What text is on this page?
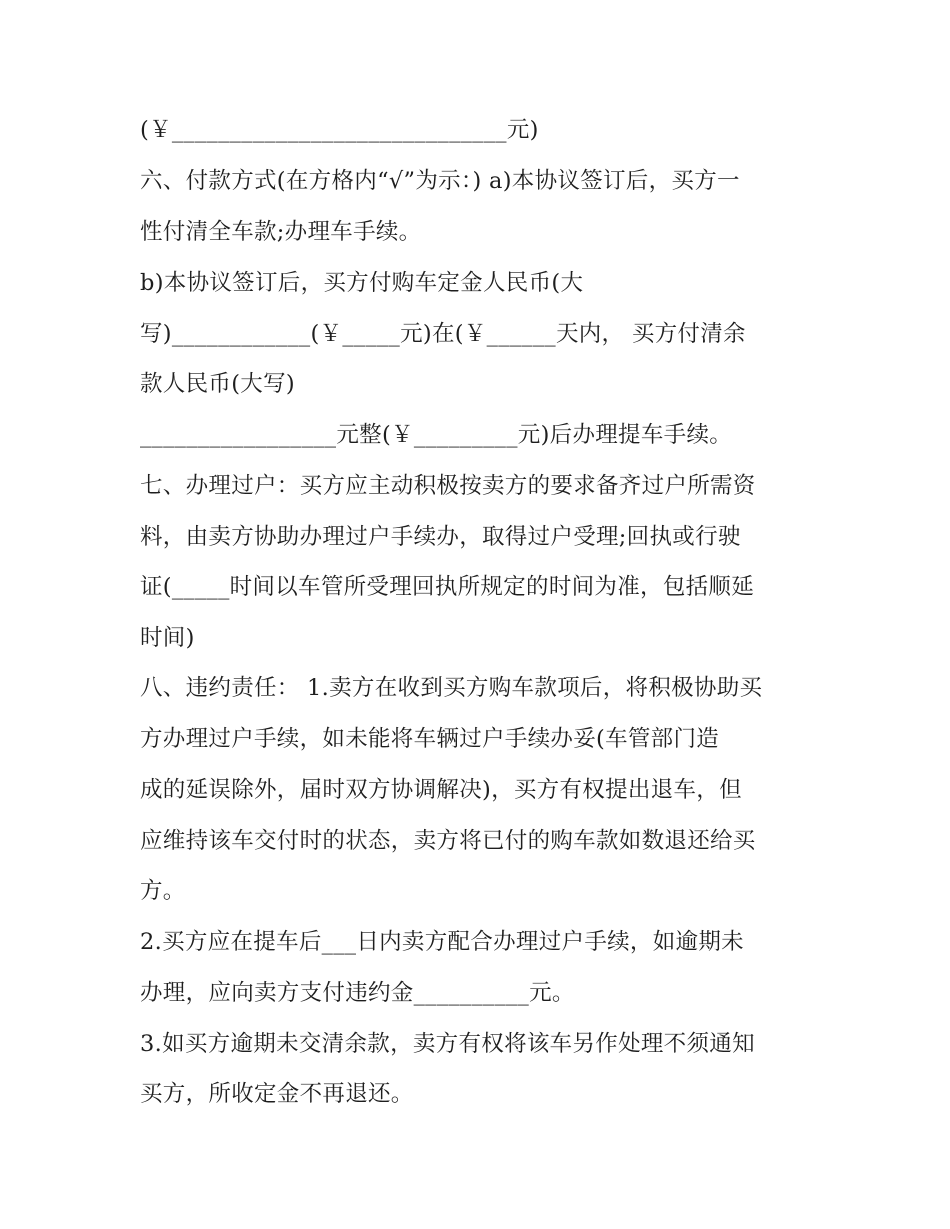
(￥_____________________________元)
六、付款方式(在方格内“√”为示：) a)本协议签订后，买方一
性付清全车款;办理车手续。
b)本协议签订后，买方付购车定金人民币(大
写)____________(￥_____元)在(￥______天内， 买方付清余
款人民币(大写)
_________________元整(￥_________元)后办理提车手续。
七、办理过户：买方应主动积极按卖方的要求备齐过户所需资
料，由卖方协助办理过户手续办，取得过户受理;回执或行驶
证(_____时间以车管所受理回执所规定的时间为准，包括顺延
时间)
八、违约责任： 1.卖方在收到买方购车款项后，将积极协助买
方办理过户手续，如未能将车辆过户手续办妥(车管部门造
成的延误除外，届时双方协调解决)，买方有权提出退车，但
应维持该车交付时的状态，卖方将已付的购车款如数退还给买
方。
2.买方应在提车后___日内卖方配合办理过户手续，如逾期未
办理，应向卖方支付违约金__________元。
3.如买方逾期未交清余款，卖方有权将该车另作处理不须通知
买方，所收定金不再退还。
